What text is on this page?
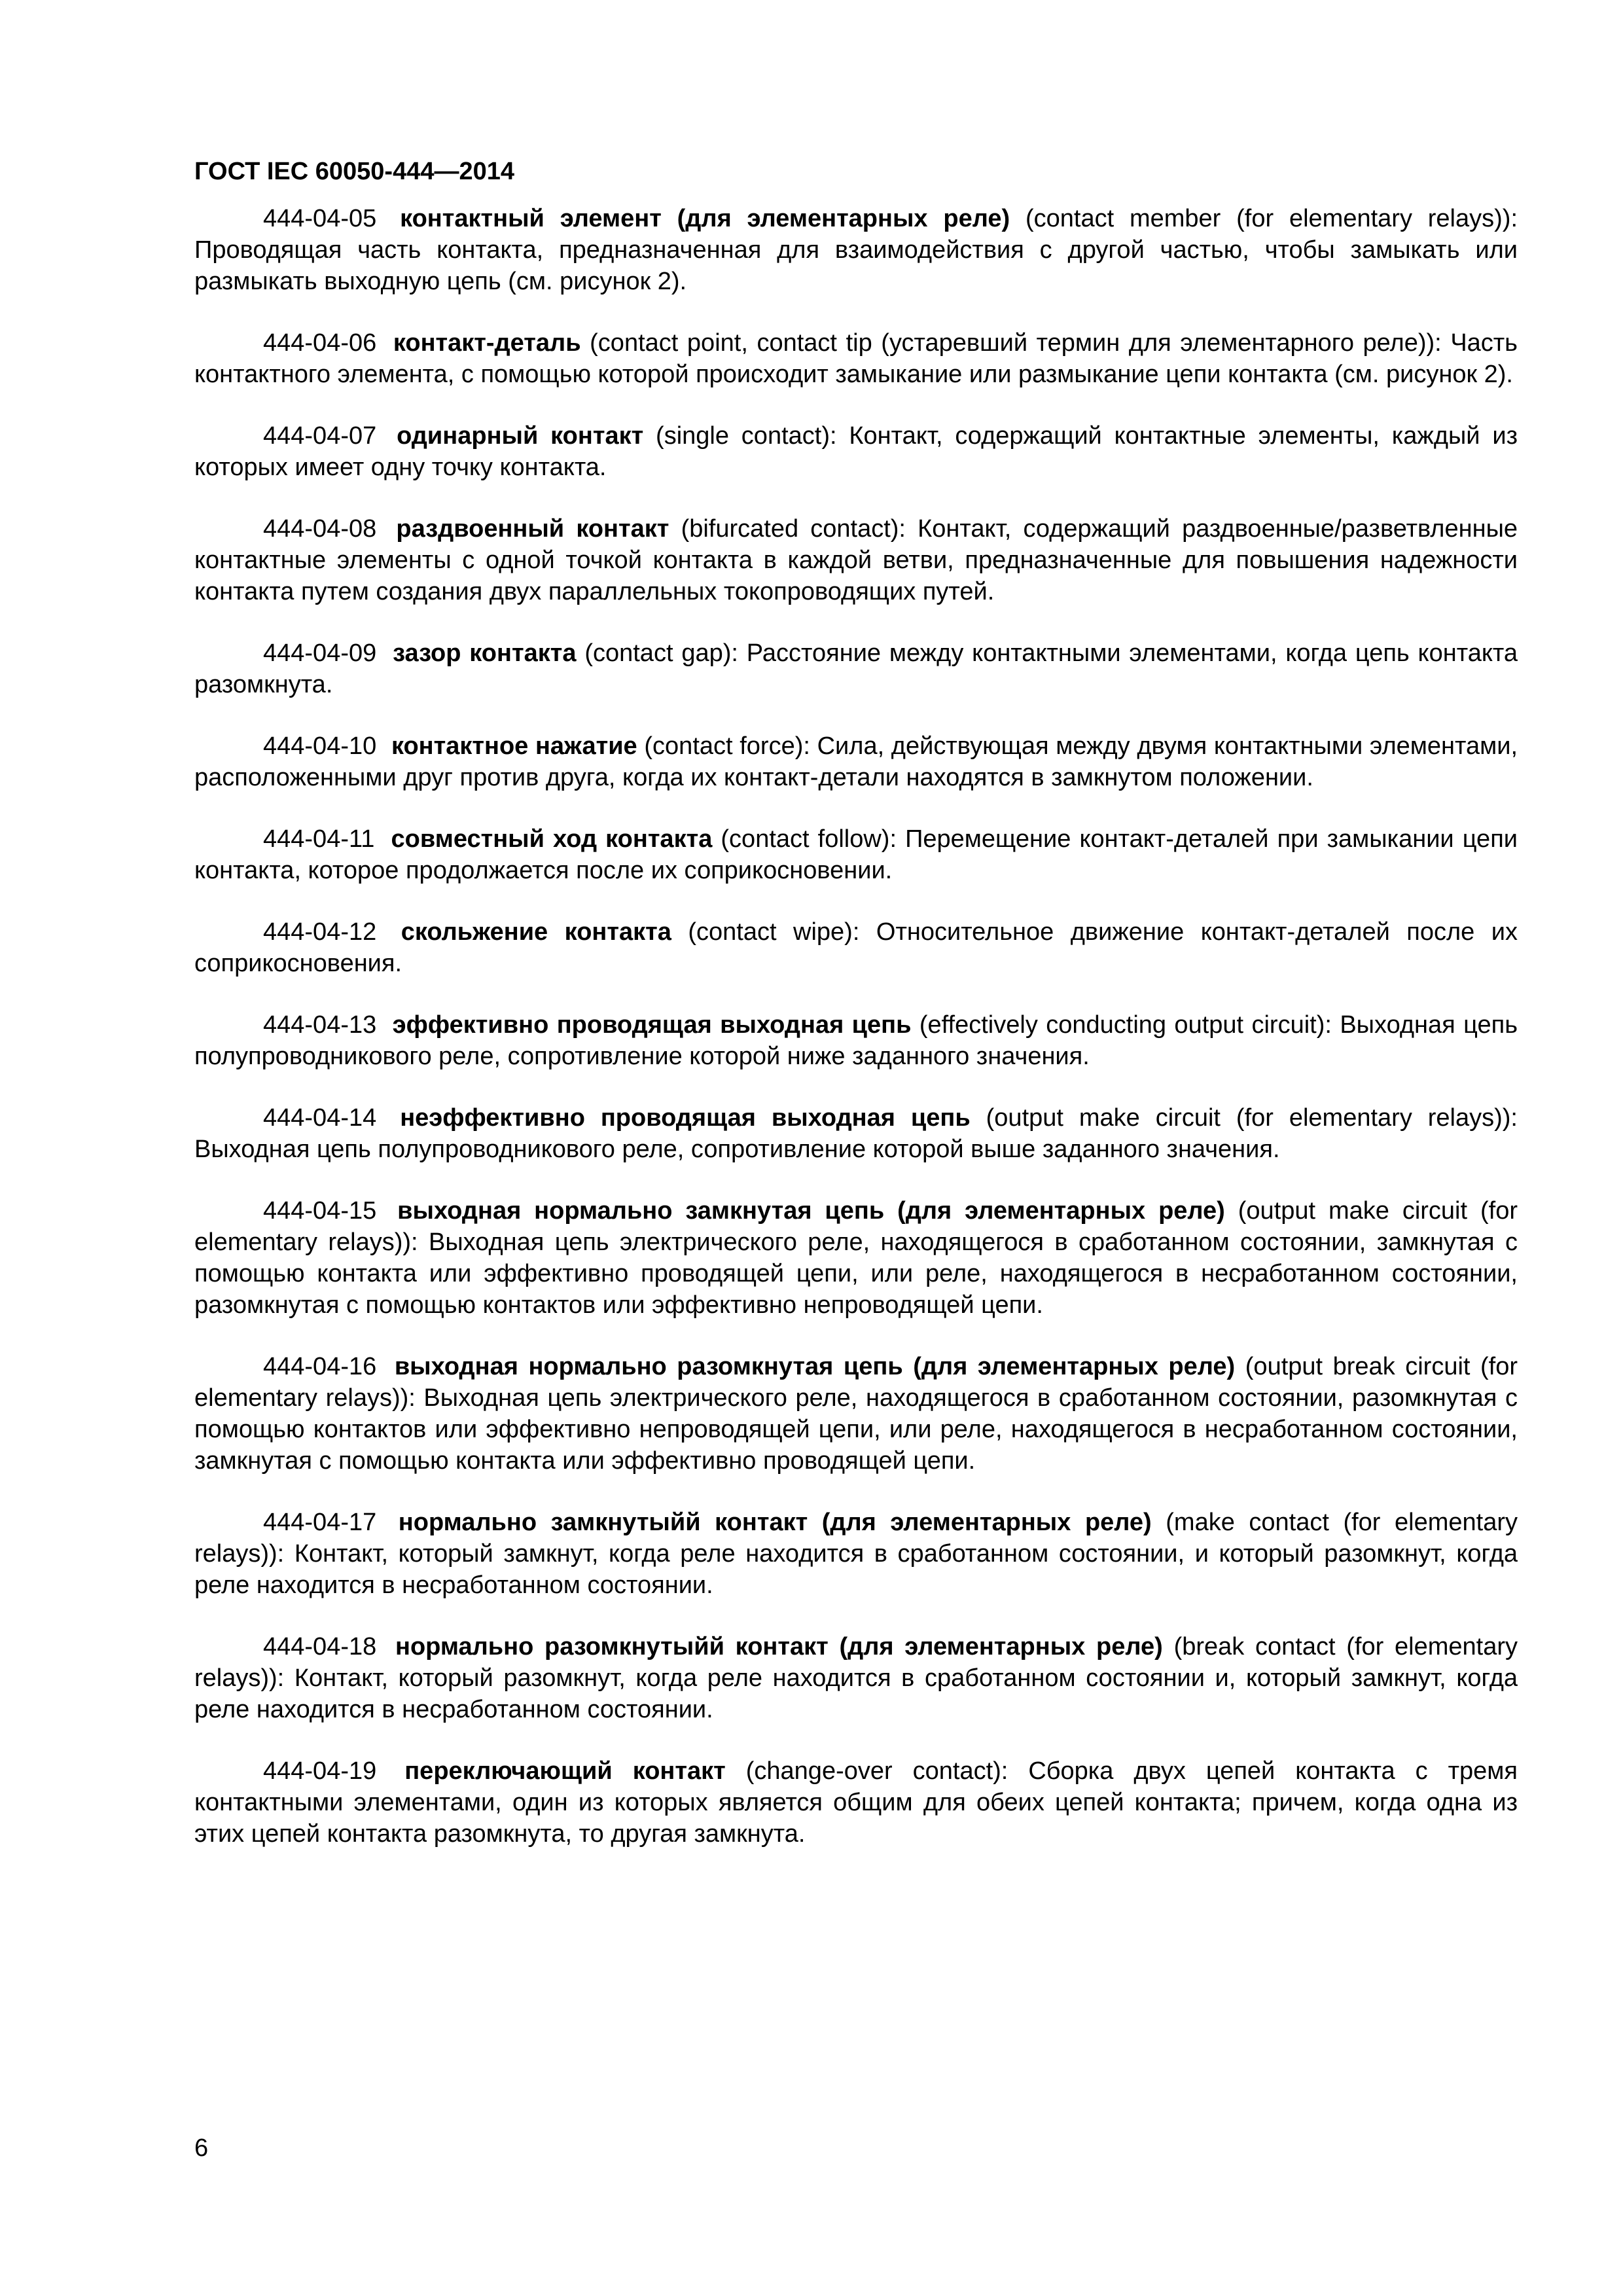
ГОСТ IEC 60050-444—2014
444-04-05 контактный элемент (для элементарных реле) (contact member (for elementary relays)): Проводящая часть контакта, предназначенная для взаимодействия с другой частью, чтобы замыкать или размыкать выходную цепь (см. рисунок 2).
444-04-06 контакт-деталь (contact point, contact tip (устаревший термин для элементарного реле)): Часть контактного элемента, с помощью которой происходит замыкание или размыкание цепи контакта (см. рисунок 2).
444-04-07 одинарный контакт (single contact): Контакт, содержащий контактные элементы, каждый из которых имеет одну точку контакта.
444-04-08 раздвоенный контакт (bifurcated contact): Контакт, содержащий раздвоенные/разветвленные контактные элементы с одной точкой контакта в каждой ветви, предназначенные для повышения надежности контакта путем создания двух параллельных токопроводящих путей.
444-04-09 зазор контакта (contact gap): Расстояние между контактными элементами, когда цепь контакта разомкнута.
444-04-10 контактное нажатие (contact force): Сила, действующая между двумя контактными элементами, расположенными друг против друга, когда их контакт-детали находятся в замкнутом положении.
444-04-11 совместный ход контакта (contact follow): Перемещение контакт-деталей при замыкании цепи контакта, которое продолжается после их соприкосновении.
444-04-12 скольжение контакта (contact wipe): Относительное движение контакт-деталей после их соприкосновения.
444-04-13 эффективно проводящая выходная цепь (effectively conducting output circuit): Выходная цепь полупроводникового реле, сопротивление которой ниже заданного значения.
444-04-14 неэффективно проводящая выходная цепь (output make circuit (for elementary relays)): Выходная цепь полупроводникового реле, сопротивление которой выше заданного значения.
444-04-15 выходная нормально замкнутая цепь (для элементарных реле) (output make circuit (for elementary relays)): Выходная цепь электрического реле, находящегося в сработанном состоянии, замкнутая с помощью контакта или эффективно проводящей цепи, или реле, находящегося в несработанном состоянии, разомкнутая с помощью контактов или эффективно непроводящей цепи.
444-04-16 выходная нормально разомкнутая цепь (для элементарных реле) (output break circuit (for elementary relays)): Выходная цепь электрического реле, находящегося в сработанном состоянии, разомкнутая с помощью контактов или эффективно непроводящей цепи, или реле, находящегося в несработанном состоянии, замкнутая с помощью контакта или эффективно проводящей цепи.
444-04-17 нормально замкнутыйй контакт (для элементарных реле) (make contact (for elementary relays)): Контакт, который замкнут, когда реле находится в сработанном состоянии, и который разомкнут, когда реле находится в несработанном состоянии.
444-04-18 нормально разомкнутыйй контакт (для элементарных реле) (break contact (for elementary relays)): Контакт, который разомкнут, когда реле находится в сработанном состоянии и, который замкнут, когда реле находится в несработанном состоянии.
444-04-19 переключающий контакт (change-over contact): Сборка двух цепей контакта с тремя контактными элементами, один из которых является общим для обеих цепей контакта; причем, когда одна из этих цепей контакта разомкнута, то другая замкнута.
6
